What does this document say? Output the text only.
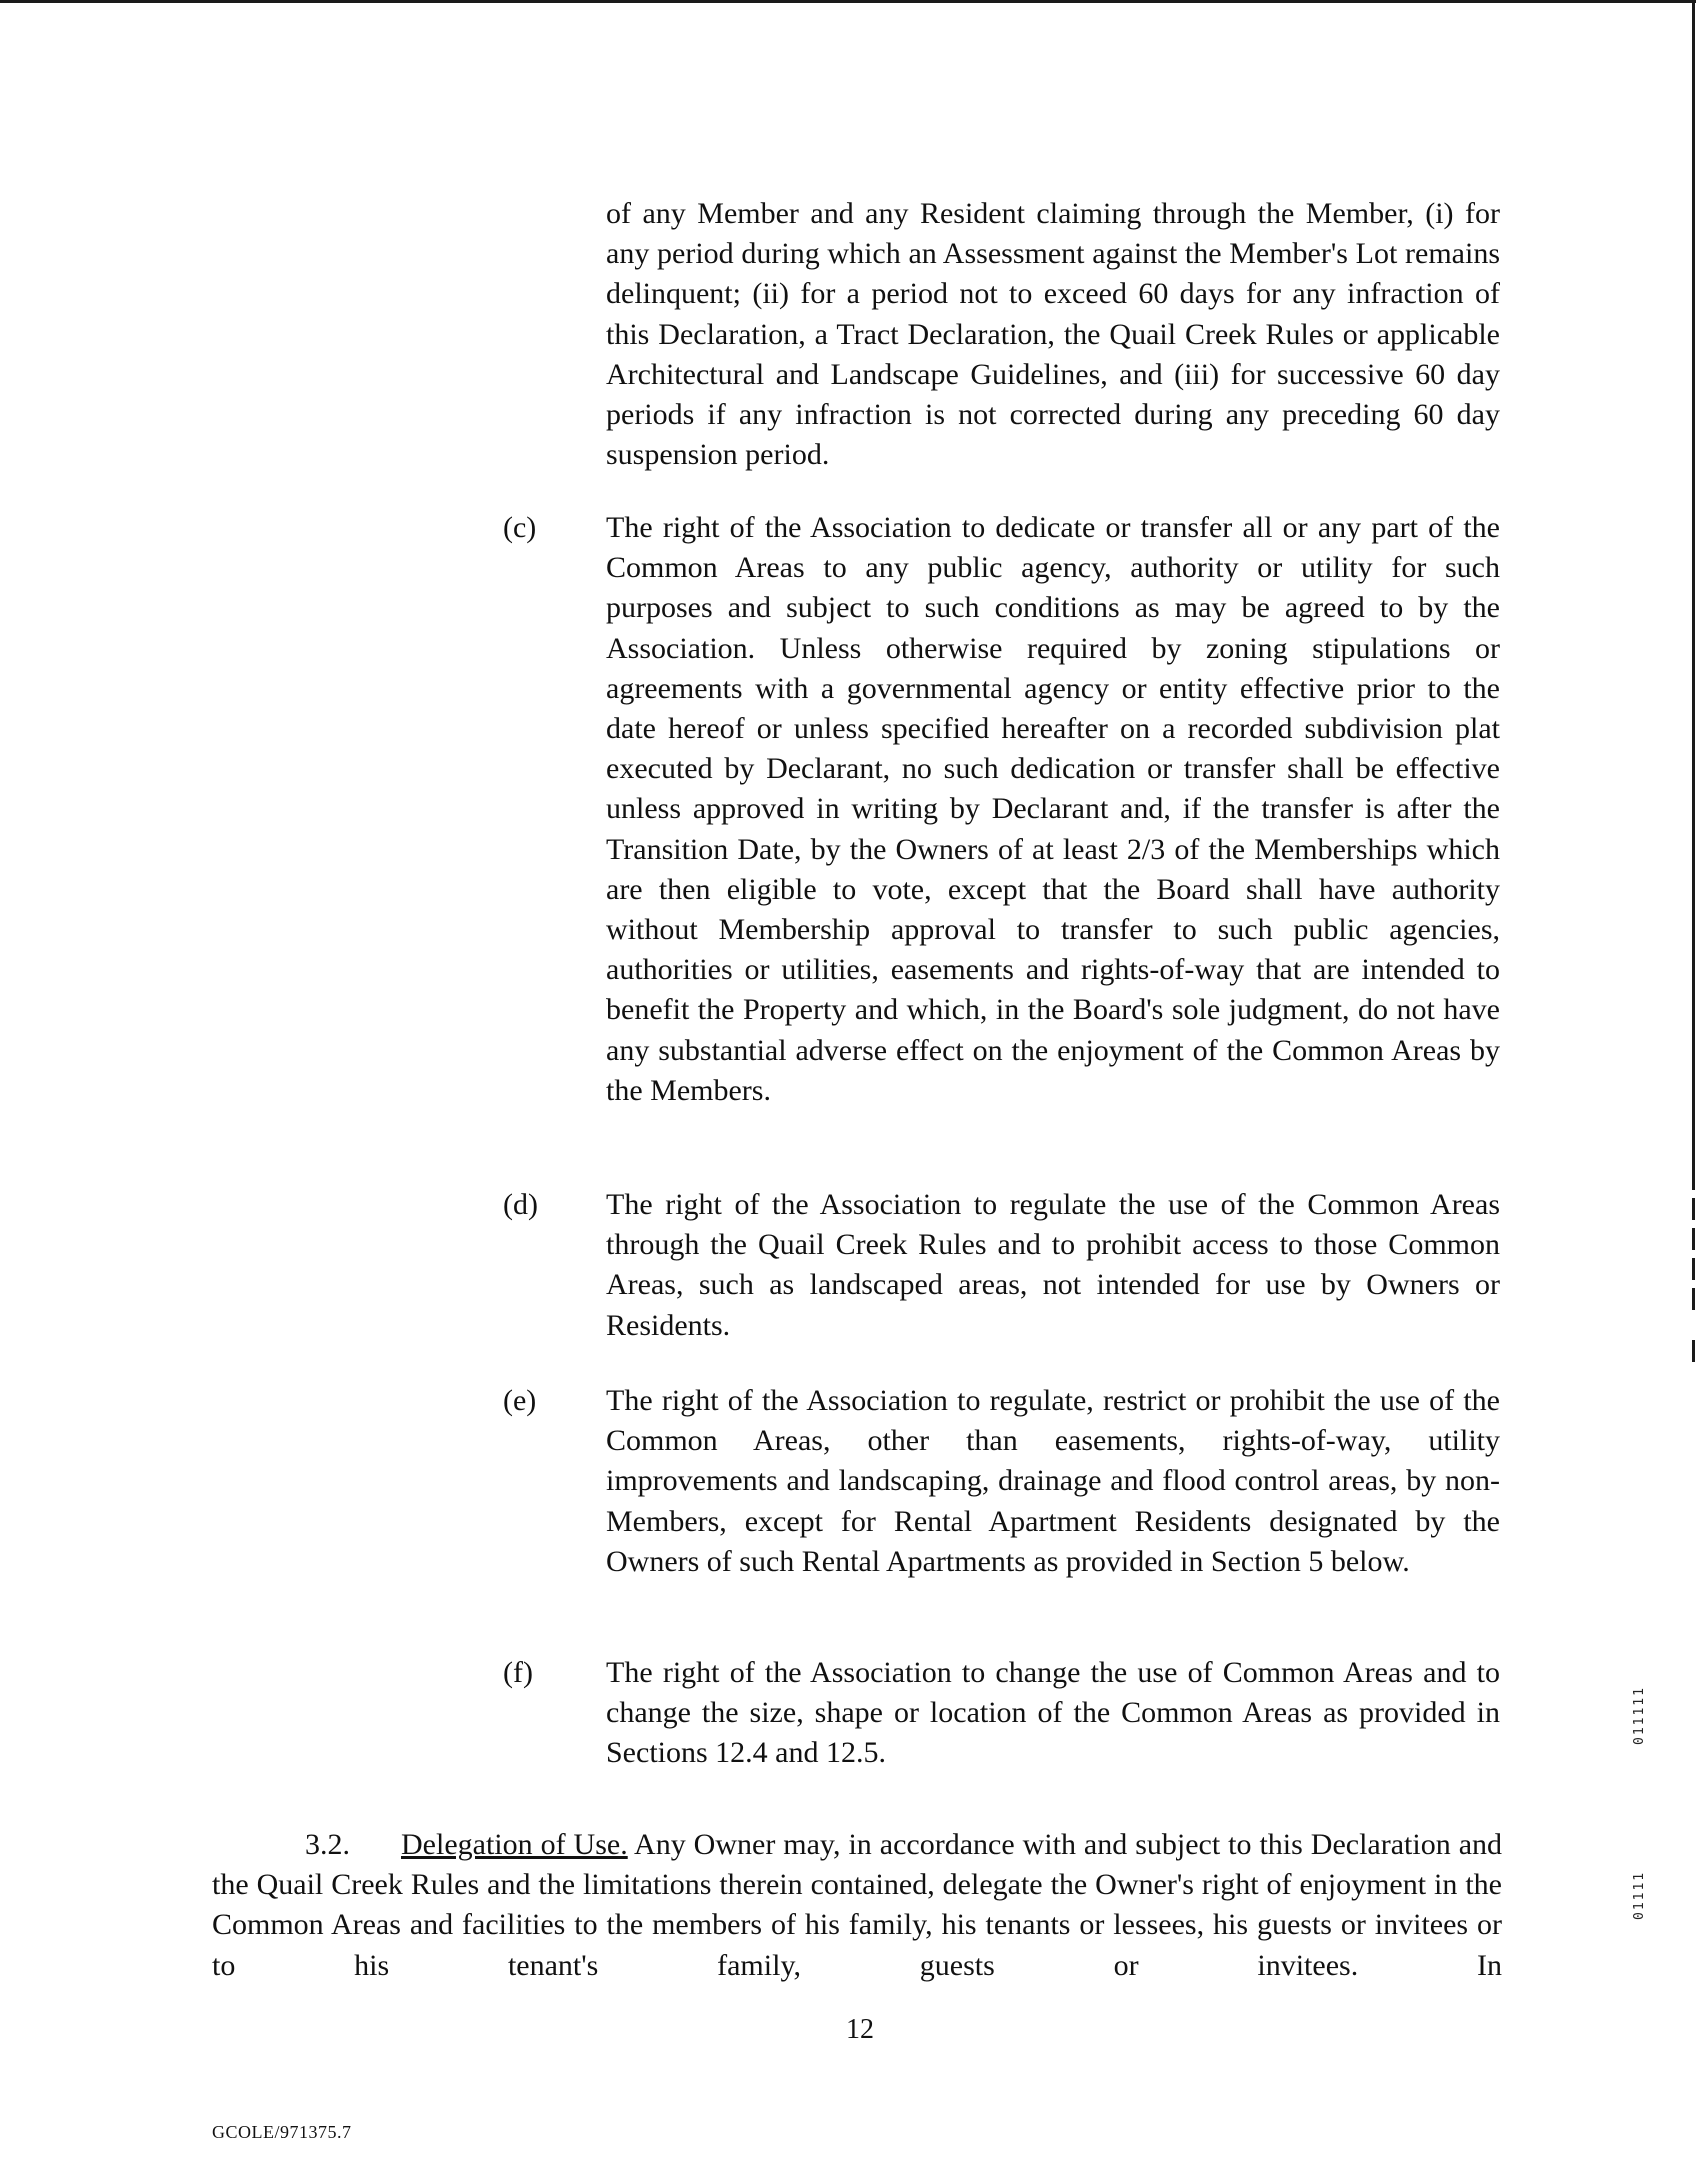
011111
01111
of any Member and any Resident claiming through the Member, (i) for any period during which an Assessment against the Member's Lot remains delinquent; (ii) for a period not to exceed 60 days for any infraction of this Declaration, a Tract Declaration, the Quail Creek Rules or applicable Architectural and Landscape Guidelines, and (iii) for successive 60 day periods if any infraction is not corrected during any preceding 60 day suspension period.
(c) The right of the Association to dedicate or transfer all or any part of the Common Areas to any public agency, authority or utility for such purposes and subject to such conditions as may be agreed to by the Association. Unless otherwise required by zoning stipulations or agreements with a governmental agency or entity effective prior to the date hereof or unless specified hereafter on a recorded subdivision plat executed by Declarant, no such dedication or transfer shall be effective unless approved in writing by Declarant and, if the transfer is after the Transition Date, by the Owners of at least 2/3 of the Memberships which are then eligible to vote, except that the Board shall have authority without Membership approval to transfer to such public agencies, authorities or utilities, easements and rights-of-way that are intended to benefit the Property and which, in the Board's sole judgment, do not have any substantial adverse effect on the enjoyment of the Common Areas by the Members.
(d) The right of the Association to regulate the use of the Common Areas through the Quail Creek Rules and to prohibit access to those Common Areas, such as landscaped areas, not intended for use by Owners or Residents.
(e) The right of the Association to regulate, restrict or prohibit the use of the Common Areas, other than easements, rights-of-way, utility improvements and landscaping, drainage and flood control areas, by non-Members, except for Rental Apartment Residents designated by the Owners of such Rental Apartments as provided in Section 5 below.
(f) The right of the Association to change the use of Common Areas and to change the size, shape or location of the Common Areas as provided in Sections 12.4 and 12.5.
3.2. Delegation of Use. Any Owner may, in accordance with and subject to this Declaration and the Quail Creek Rules and the limitations therein contained, delegate the Owner's right of enjoyment in the Common Areas and facilities to the members of his family, his tenants or lessees, his guests or invitees or to his tenant's family, guests or invitees. In
12
GCOLE/971375.7
